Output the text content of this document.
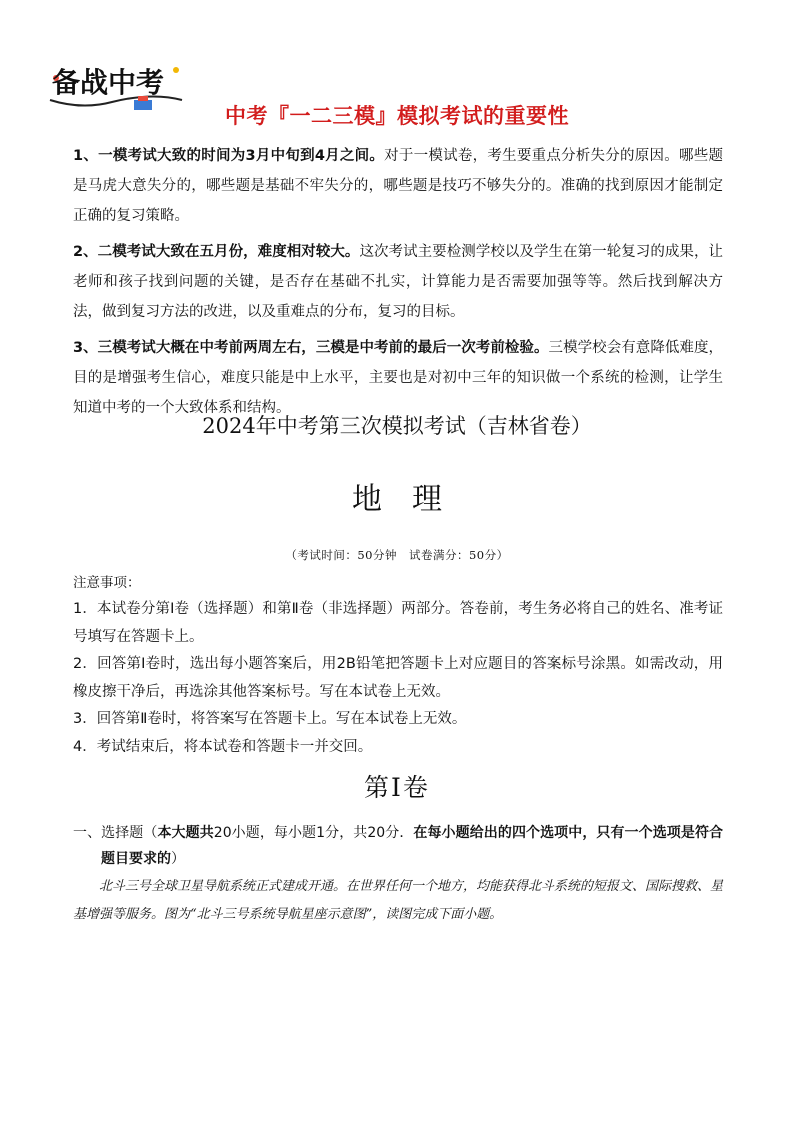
备战中考
中考『一二三模』模拟考试的重要性

1、一模考试大致的时间为3月中旬到4月之间。对于一模试卷，考生要重点分析失分的原因。哪些题是马虎大意失分的，哪些题是基础不牢失分的，哪些题是技巧不够失分的。准确的找到原因才能制定正确的复习策略。

2、二模考试大致在五月份，难度相对较大。这次考试主要检测学校以及学生在第一轮复习的成果，让老师和孩子找到问题的关键，是否存在基础不扎实，计算能力是否需要加强等等。然后找到解决方法，做到复习方法的改进，以及重难点的分布，复习的目标。

3、三模考试大概在中考前两周左右，三模是中考前的最后一次考前检验。三模学校会有意降低难度，目的是增强考生信心，难度只能是中上水平，主要也是对初中三年的知识做一个系统的检测，让学生知道中考的一个大致体系和结构。

2024年中考第三次模拟考试（吉林省卷）
地理
（考试时间：50分钟　试卷满分：50分）

注意事项：

1．本试卷分第Ⅰ卷（选择题）和第Ⅱ卷（非选择题）两部分。答卷前，考生务必将自己的姓名、准考证号填写在答题卡上。

2．回答第Ⅰ卷时，选出每小题答案后，用2B铅笔把答题卡上对应题目的答案标号涂黑。如需改动，用橡皮擦干净后，再选涂其他答案标号。写在本试卷上无效。

3．回答第Ⅱ卷时，将答案写在答题卡上。写在本试卷上无效。

4．考试结束后，将本试卷和答题卡一并交回。

第Ⅰ卷

一、选择题（本大题共20小题，每小题1分，共20分．在每小题给出的四个选项中，只有一个选项是符合题目要求的）

北斗三号全球卫星导航系统正式建成开通。在世界任何一个地方，均能获得北斗系统的短报文、国际搜救、星基增强等服务。图为“北斗三号系统导航星座示意图”，读图完成下面小题。
